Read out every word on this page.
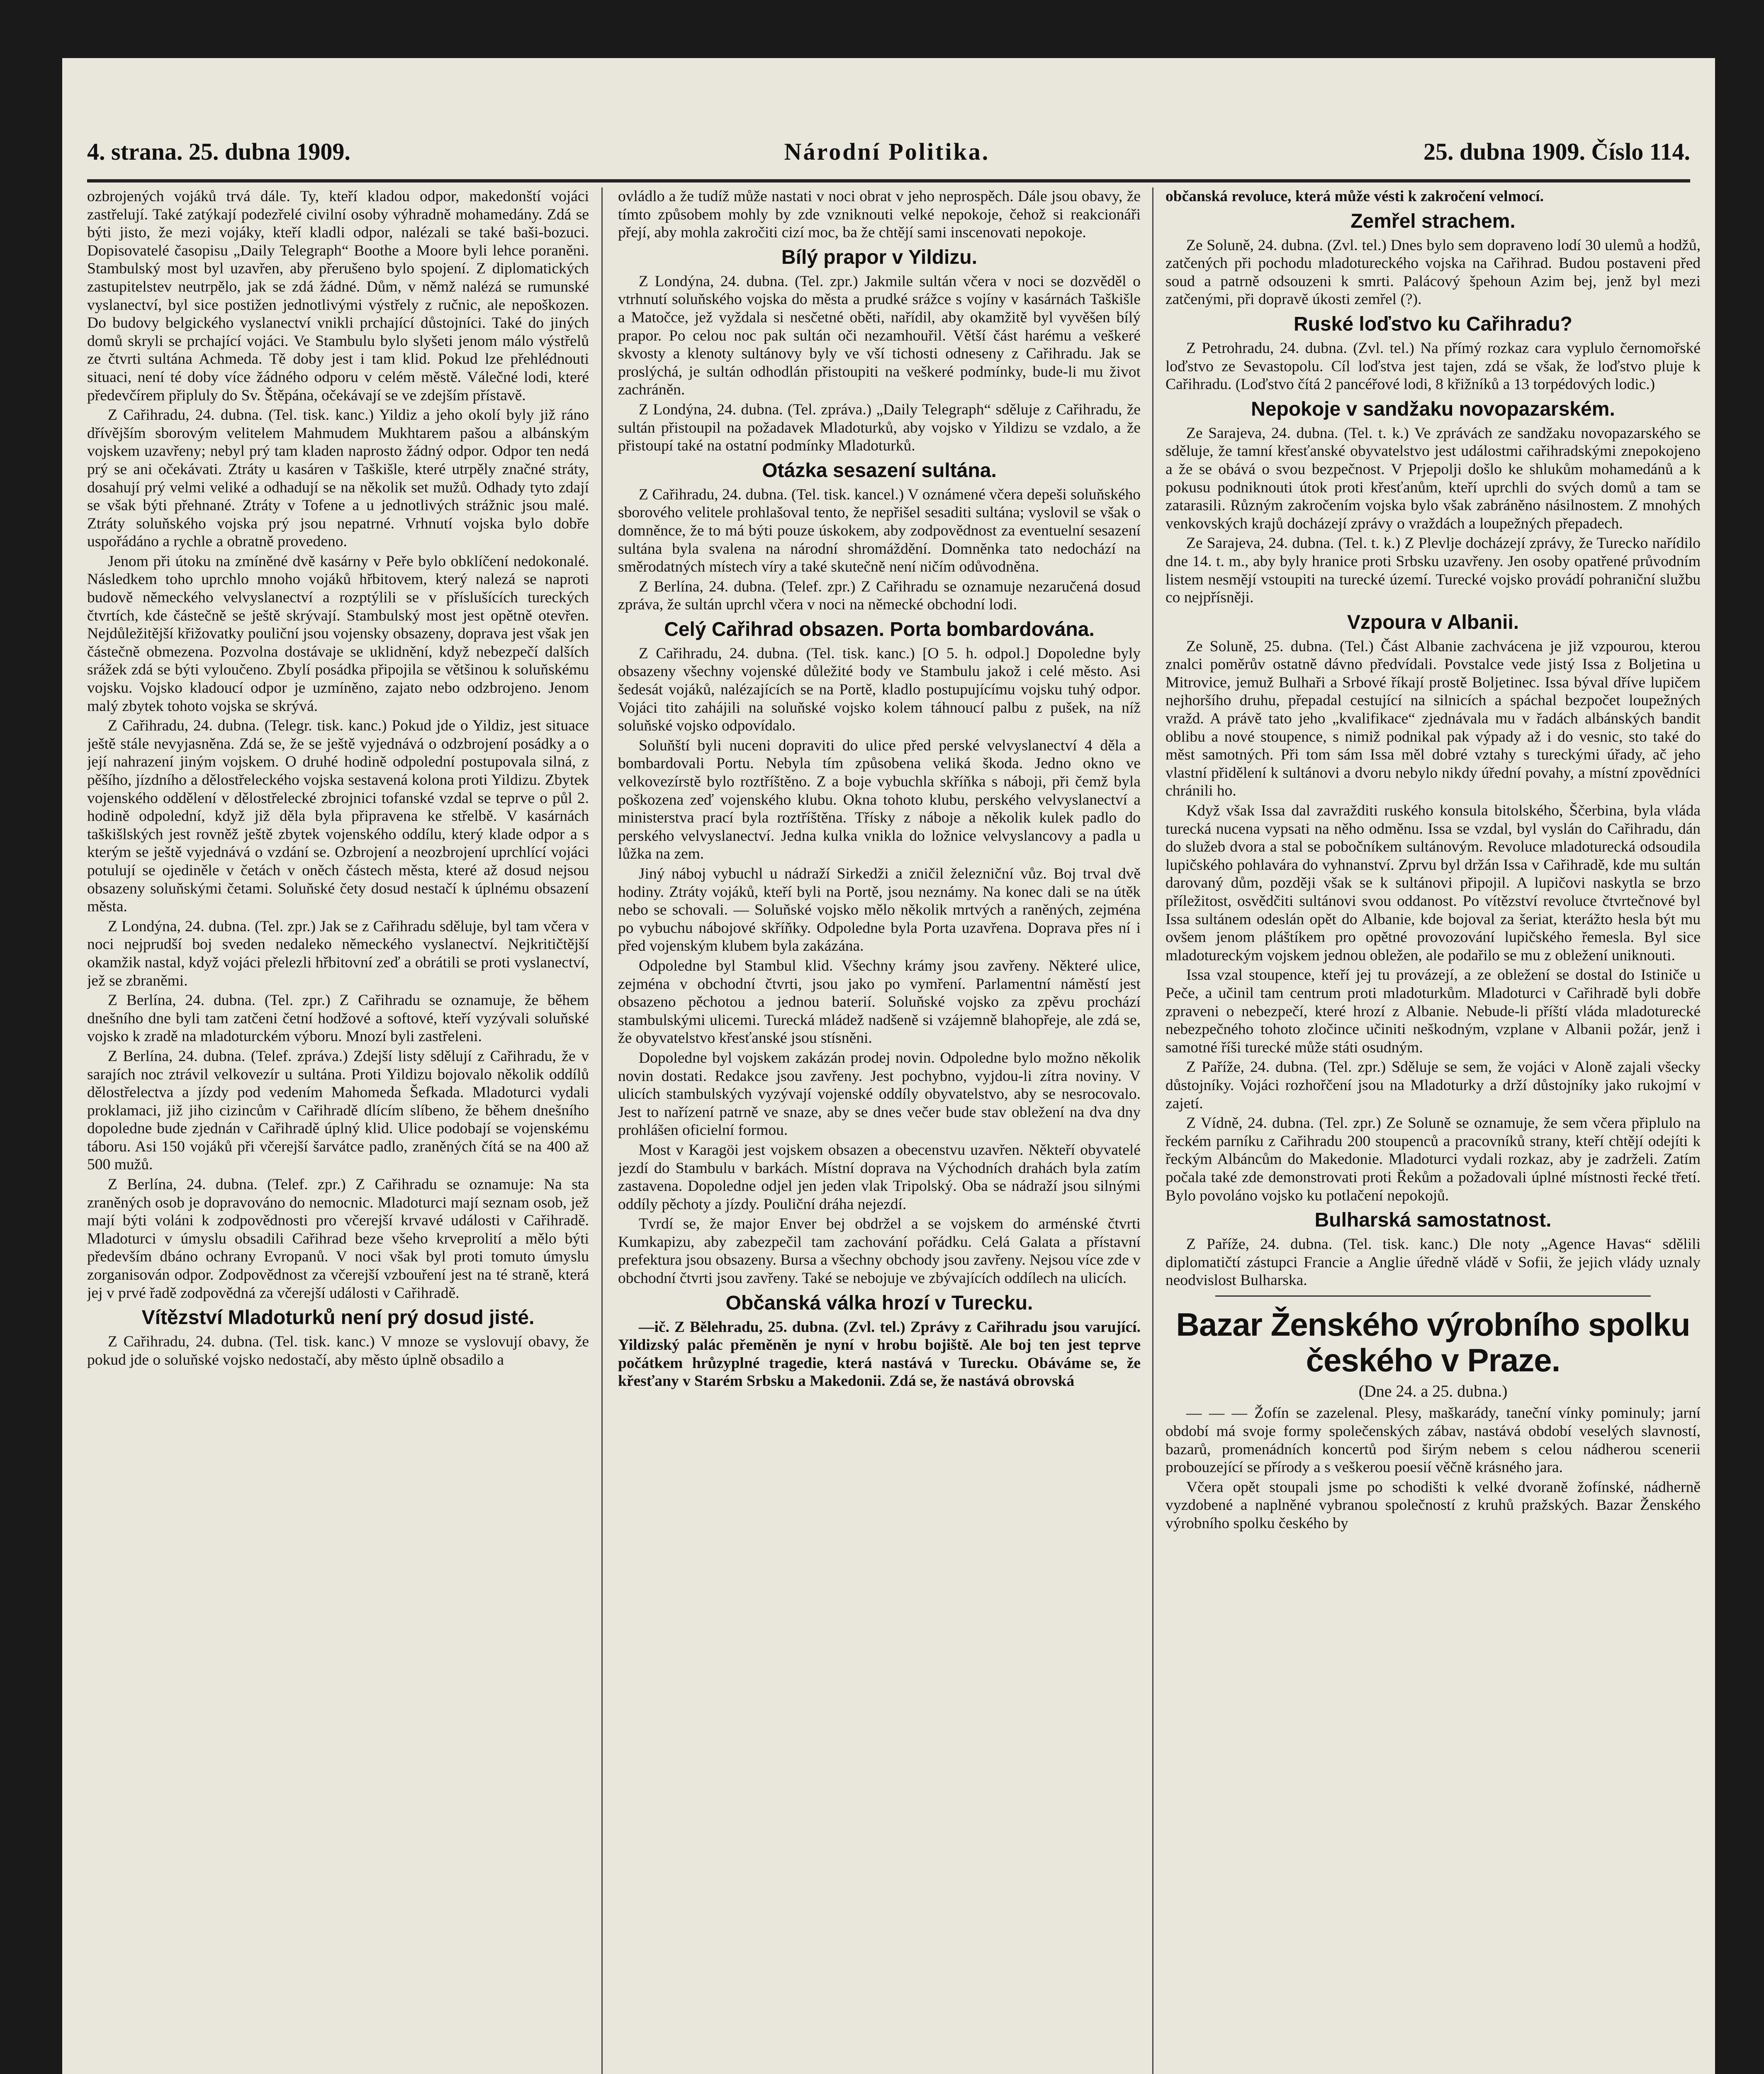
4. strana. 25. dubna 1909.	Národní Politika.	25. dubna 1909. Číslo 114.

ozbrojených vojáků trvá dále. Ty, kteří kladou odpor, makedonští vojáci zastřelují. Také zatýkají podezřelé civilní osoby výhradně mohamedány. Zdá se býti jisto, že mezi vojáky, kteří kladli odpor, nalézali se také baši-bozuci. Dopisovatelé časopisu „Daily Telegraph“ Boothe a Moore byli lehce poraněni. Stambulský most byl uzavřen, aby přerušeno bylo spojení. Z diplomatických zastupitelstev neutrpělo, jak se zdá žádné. Dům, v němž nalézá se rumunské vyslanectví, byl sice postižen jednotlivými výstřely z ručnic, ale nepoškozen. Do budovy belgického vyslanectví vnikli prchající důstojníci. Také do jiných domů skryli se prchající vojáci. Ve Stambulu bylo slyšeti jenom málo výstřelů ze čtvrti sultána Achmeda. Tě doby jest i tam klid. Pokud lze přehlédnouti situaci, není té doby více žádného odporu v celém městě. Válečné lodi, které předevčírem připluly do Sv. Štěpána, očekávají se ve zdejším přístavě.

Z Cařihradu, 24. dubna. (Tel. tisk. kanc.) Yildiz a jeho okolí byly již ráno dřívějším sborovým velitelem Mahmudem Mukhtarem pašou a albánským vojskem uzavřeny; nebyl prý tam kladen naprosto žádný odpor. Odpor ten nedá prý se ani očekávati. Ztráty u kasáren v Taškišle, které utrpěly značné stráty, dosahují prý velmi veliké a odhadují se na několik set mužů. Odhady tyto zdají se však býti přehnané. Ztráty v Tofene a u jednotlivých strážnic jsou malé. Ztráty soluňského vojska prý jsou nepatrné. Vrhnutí vojska bylo dobře uspořádáno a rychle a obratně provedeno.

Jenom při útoku na zmíněné dvě kasárny v Peře bylo obklíčení nedokonalé. Následkem toho uprchlo mnoho vojáků hřbitovem, který nalezá se naproti budově německého velvyslanectví a rozptýlili se v příslušících tureckých čtvrtích, kde částečně se ještě skrývají. Stambulský most jest opětně otevřen. Nejdůležitější křižovatky pouliční jsou vojensky obsazeny, doprava jest však jen částečně obmezena. Pozvolna dostávaje se uklidnění, když nebezpečí dalších srážek zdá se býti vyloučeno. Zbylí posádka připojila se většinou k soluňskému vojsku. Vojsko kladoucí odpor je uzmíněno, zajato nebo odzbrojeno. Jenom malý zbytek tohoto vojska se skrývá.

Z Cařihradu, 24. dubna. (Telegr. tisk. kanc.) Pokud jde o Yildiz, jest situace ještě stále nevyjasněna. Zdá se, že se ještě vyjednává o odzbrojení posádky a o její nahrazení jiným vojskem. O druhé hodině odpolední postupovala silná, z pěšího, jízdního a dělostřeleckého vojska sestavená kolona proti Yildizu. Zbytek vojenského oddělení v dělostřelecké zbrojnici tofanské vzdal se teprve o půl 2. hodině odpolední, když již děla byla připravena ke střelbě. V kasárnách taškišlských jest rovněž ještě zbytek vojenského oddílu, který klade odpor a s kterým se ještě vyjednává o vzdání se. Ozbrojení a neozbrojení uprchlící vojáci potulují se ojediněle v četách v oněch částech města, které až dosud nejsou obsazeny soluňskými četami. Soluňské čety dosud nestačí k úplnému obsazení města.

Z Londýna, 24. dubna. (Tel. zpr.) Jak se z Cařihradu sděluje, byl tam včera v noci nejprudší boj sveden nedaleko německého vyslanectví. Nejkritičtější okamžik nastal, když vojáci přelezli hřbitovní zeď a obrátili se proti vyslanectví, jež se zbraněmi.

Z Berlína, 24. dubna. (Tel. zpr.) Z Cařihradu se oznamuje, že během dnešního dne byli tam zatčeni četní hodžové a softové, kteří vyzývali soluňské vojsko k zradě na mladoturckém výboru. Mnozí byli zastřeleni.

Z Berlína, 24. dubna. (Telef. zpráva.) Zdejší listy sdělují z Cařihradu, že v sarajích noc ztrávil velkovezír u sultána. Proti Yildizu bojovalo několik oddílů dělostřelectva a jízdy pod vedením Mahomeda Šefkada. Mladoturci vydali proklamaci, již jiho cizincům v Cařihradě dlícím slíbeno, že během dnešního dopoledne bude zjednán v Cařihradě úplný klid. Ulice podobají se vojenskému táboru. Asi 150 vojáků při včerejší šarvátce padlo, zraněných čítá se na 400 až 500 mužů.

Z Berlína, 24. dubna. (Telef. zpr.) Z Cařihradu se oznamuje: Na sta zraněných osob je dopravováno do nemocnic. Mladoturci mají seznam osob, jež mají býti voláni k zodpovědnosti pro včerejší krvavé události v Cařihradě. Mladoturci v úmyslu obsadili Cařihrad beze všeho krveprolití a mělo býti především dbáno ochrany Evropanů. V noci však byl proti tomuto úmyslu zorganisován odpor. Zodpovědnost za včerejší vzbouření jest na té straně, která jej v prvé řadě zodpovědná za včerejší události v Cařihradě.

Vítězství Mladoturků není prý dosud jisté.

Z Cařihradu, 24. dubna. (Tel. tisk. kanc.) V mnoze se vyslovují obavy, že pokud jde o soluňské vojsko nedostačí, aby město úplně obsadilo a

ovládlo a že tudíž může nastati v noci obrat v jeho neprospěch. Dále jsou obavy, že tímto způsobem mohly by zde vzniknouti velké nepokoje, čehož si reakcionáři přejí, aby mohla zakročiti cizí moc, ba že chtějí sami inscenovati nepokoje.

Bílý prapor v Yildizu.

Z Londýna, 24. dubna. (Tel. zpr.) Jakmile sultán včera v noci se dozvěděl o vtrhnutí soluňského vojska do města a prudké srážce s vojíny v kasárnách Taškišle a Matočce, jež vyždala si nesčetné oběti, nařídil, aby okamžitě byl vyvěšen bílý prapor. Po celou noc pak sultán oči nezamhouřil. Větší část harému a veškeré skvosty a klenoty sultánovy byly ve vší tichosti odneseny z Cařihradu. Jak se proslýchá, je sultán odhodlán přistoupiti na veškeré podmínky, bude-li mu život zachráněn.

Z Londýna, 24. dubna. (Tel. zpráva.) „Daily Telegraph“ sděluje z Cařihradu, že sultán přistoupil na požadavek Mladoturků, aby vojsko v Yildizu se vzdalo, a že přistoupí také na ostatní podmínky Mladoturků.

Otázka sesazení sultána.

Z Cařihradu, 24. dubna. (Tel. tisk. kancel.) V oznámené včera depeši soluňského sborového velitele prohlašoval tento, že nepřišel sesaditi sultána; vyslovil se však o domněnce, že to má býti pouze úskokem, aby zodpovědnost za eventuelní sesazení sultána byla svalena na národní shromáždění. Domněnka tato nedochází na směrodatných místech víry a také skutečně není ničím odůvodněna.

Z Berlína, 24. dubna. (Telef. zpr.) Z Cařihradu se oznamuje nezaručená dosud zpráva, že sultán uprchl včera v noci na německé obchodní lodi.

Celý Cařihrad obsazen. Porta bombardována.

Z Cařihradu, 24. dubna. (Tel. tisk. kanc.) [O 5. h. odpol.] Dopoledne byly obsazeny všechny vojenské důležité body ve Stambulu jakož i celé město. Asi šedesát vojáků, nalézajících se na Portě, kladlo postupujícímu vojsku tuhý odpor. Vojáci tito zahájili na soluňské vojsko kolem táhnoucí palbu z pušek, na níž soluňské vojsko odpovídalo.

Soluňští byli nuceni dopraviti do ulice před perské velvyslanectví 4 děla a bombardovali Portu. Nebyla tím způsobena veliká škoda. Jedno okno ve velkovezírstě bylo roztříštěno. Z a boje vybuchla skříňka s náboji, při čemž byla poškozena zeď vojenského klubu. Okna tohoto klubu, perského velvyslanectví a ministerstva prací byla roztříštěna. Třísky z náboje a několik kulek padlo do perského velvyslanectví. Jedna kulka vnikla do ložnice velvyslancovy a padla u lůžka na zem.

Jiný náboj vybuchl u nádraží Sirkedži a zničil železniční vůz. Boj trval dvě hodiny. Ztráty vojáků, kteří byli na Portě, jsou neznámy. Na konec dali se na útěk nebo se schovali. — Soluňské vojsko mělo několik mrtvých a raněných, zejména po vybuchu nábojové skříňky. Odpoledne byla Porta uzavřena. Doprava přes ní i před vojenským klubem byla zakázána.

Odpoledne byl Stambul klid. Všechny krámy jsou zavřeny. Některé ulice, zejména v obchodní čtvrti, jsou jako po vymření. Parlamentní náměstí jest obsazeno pěchotou a jednou baterií. Soluňské vojsko za zpěvu prochází stambulskými ulicemi. Turecká mládež nadšeně si vzájemně blahopřeje, ale zdá se, že obyvatelstvo křesťanské jsou stísněni.

Dopoledne byl vojskem zakázán prodej novin. Odpoledne bylo možno několik novin dostati. Redakce jsou zavřeny. Jest pochybno, vyjdou-li zítra noviny. V ulicích stambulských vyzývají vojenské oddíly obyvatelstvo, aby se nesrocovalo. Jest to nařízení patrně ve snaze, aby se dnes večer bude stav obležení na dva dny prohlášen oficielní formou.

Most v Karagöi jest vojskem obsazen a obecenstvu uzavřen. Někteří obyvatelé jezdí do Stambulu v barkách. Místní doprava na Východních drahách byla zatím zastavena. Dopoledne odjel jen jeden vlak Tripolský. Oba se nádraží jsou silnými oddíly pěchoty a jízdy. Pouliční dráha nejezdí.

Tvrdí se, že major Enver bej obdržel a se vojskem do arménské čtvrti Kumkapizu, aby zabezpečil tam zachování pořádku. Celá Galata a přístavní prefektura jsou obsazeny. Bursa a všechny obchody jsou zavřeny. Nejsou více zde v obchodní čtvrti jsou zavřeny. Také se nebojuje ve zbývajících oddílech na ulicích.

Občanská válka hrozí v Turecku.

—ič. Z Bělehradu, 25. dubna. (Zvl. tel.) Zprávy z Cařihradu jsou varující. Yildizský palác přeměněn je nyní v hrobu bojiště. Ale boj ten jest teprve počátkem hrůzyplné tragedie, která nastává v Turecku. Obáváme se, že křesťany v Starém Srbsku a Makedonii. Zdá se, že nastává obrovská

občanská revoluce, která může vésti k zakročení velmocí.

Zemřel strachem.

Ze Soluně, 24. dubna. (Zvl. tel.) Dnes bylo sem dopraveno lodí 30 ulemů a hodžů, zatčených při pochodu mladotureckého vojska na Cařihrad. Budou postaveni před soud a patrně odsouzeni k smrti. Palácový špehoun Azim bej, jenž byl mezi zatčenými, při dopravě úkosti zemřel (?).

Ruské loďstvo ku Cařihradu?

Z Petrohradu, 24. dubna. (Zvl. tel.) Na přímý rozkaz cara vyplulo černomořské loďstvo ze Sevastopolu. Cíl loďstva jest tajen, zdá se však, že loďstvo pluje k Cařihradu. (Loďstvo čítá 2 pancéřové lodi, 8 křižníků a 13 torpédových lodic.)

Nepokoje v sandžaku novopazarském.

Ze Sarajeva, 24. dubna. (Tel. t. k.) Ve zprávách ze sandžaku novopazarského se sděluje, že tamní křesťanské obyvatelstvo jest událostmi cařihradskými znepokojeno a že se obává o svou bezpečnost. V Prjepolji došlo ke shlukům mohamedánů a k pokusu podniknouti útok proti křesťanům, kteří uprchli do svých domů a tam se zatarasili. Různým zakročením vojska bylo však zabráněno násilnostem. Z mnohých venkovských krajů docházejí zprávy o vraždách a loupežných přepadech.

Ze Sarajeva, 24. dubna. (Tel. t. k.) Z Plevlje docházejí zprávy, že Turecko nařídilo dne 14. t. m., aby byly hranice proti Srbsku uzavřeny. Jen osoby opatřené průvodním listem nesmějí vstoupiti na turecké území. Turecké vojsko provádí pohraniční službu co nejpřísněji.

Vzpoura v Albanii.

Ze Soluně, 25. dubna. (Tel.) Část Albanie zachvácena je již vzpourou, kterou znalci poměrův ostatně dávno předvídali. Povstalce vede jistý Issa z Boljetina u Mitrovice, jemuž Bulhaři a Srbové říkají prostě Boljetinec. Issa býval dříve lupičem nejhoršího druhu, přepadal cestující na silnicích a spáchal bezpočet loupežných vražd. A právě tato jeho „kvalifikace“ zjednávala mu v řadách albánských bandit oblibu a nové stoupence, s nimiž podnikal pak výpady až i do vesnic, sto také do měst samotných. Při tom sám Issa měl dobré vztahy s tureckými úřady, ač jeho vlastní přidělení k sultánovi a dvoru nebylo nikdy úřední povahy, a místní zpovědníci chránili ho.

Když však Issa dal zavražditi ruského konsula bitolského, Ščerbina, byla vláda turecká nucena vypsati na něho odměnu. Issa se vzdal, byl vyslán do Cařihradu, dán do služeb dvora a stal se pobočníkem sultánovým. Revoluce mladoturecká odsoudila lupičského pohlavára do vyhnanství. Zprvu byl držán Issa v Cařihradě, kde mu sultán darovaný dům, později však se k sultánovi připojil. A lupičovi naskytla se brzo příležitost, osvědčiti sultánovi svou oddanost. Po vítězství revoluce čtvrtečnové byl Issa sultánem odeslán opět do Albanie, kde bojoval za šeriat, kterážto hesla být mu ovšem jenom pláštíkem pro opětné provozování lupičského řemesla. Byl sice mladotureckým vojskem jednou obležen, ale podařilo se mu z obležení uniknouti.

Issa vzal stoupence, kteří jej tu provázejí, a ze obležení se dostal do Istiniče u Peče, a učinil tam centrum proti mladoturkům. Mladoturci v Cařihradě byli dobře zpraveni o nebezpečí, které hrozí z Albanie. Nebude-li příští vláda mladoturecké nebezpečného tohoto zločince učiniti neškodným, vzplane v Albanii požár, jenž i samotné říši turecké může státi osudným.

Z Paříže, 24. dubna. (Tel. zpr.) Sděluje se sem, že vojáci v Aloně zajali všecky důstojníky. Vojáci rozhořčení jsou na Mladoturky a drží důstojníky jako rukojmí v zajetí.

Z Vídně, 24. dubna. (Tel. zpr.) Ze Soluně se oznamuje, že sem včera připlulo na řeckém parníku z Cařihradu 200 stoupenců a pracovníků strany, kteří chtějí odejíti k řeckým Albáncům do Makedonie. Mladoturci vydali rozkaz, aby je zadrželi. Zatím počala také zde demonstrovati proti Řekům a požadovali úplné místnosti řecké třetí. Bylo povoláno vojsko ku potlačení nepokojů.

Bulharská samostatnost.

Z Paříže, 24. dubna. (Tel. tisk. kanc.) Dle noty „Agence Havas“ sdělili diplomatičtí zástupci Francie a Anglie úředně vládě v Sofii, že jejich vlády uznaly neodvislost Bulharska.

Bazar Ženského výrobního spolku českého v Praze.

(Dne 24. a 25. dubna.)

— — — Žofín se zazelenal. Plesy, maškarády, taneční vínky pominuly; jarní období má svoje formy společenských zábav, nastává období veselých slavností, bazarů, promenádních koncertů pod širým nebem s celou nádherou scenerii probouzející se přírody a s veškerou poesií věčně krásného jara.

Včera opět stoupali jsme po schodišti k velké dvoraně žofínské, nádherně vyzdobené a naplněné vybranou společností z kruhů pražských. Bazar Ženského výrobního spolku českého by
